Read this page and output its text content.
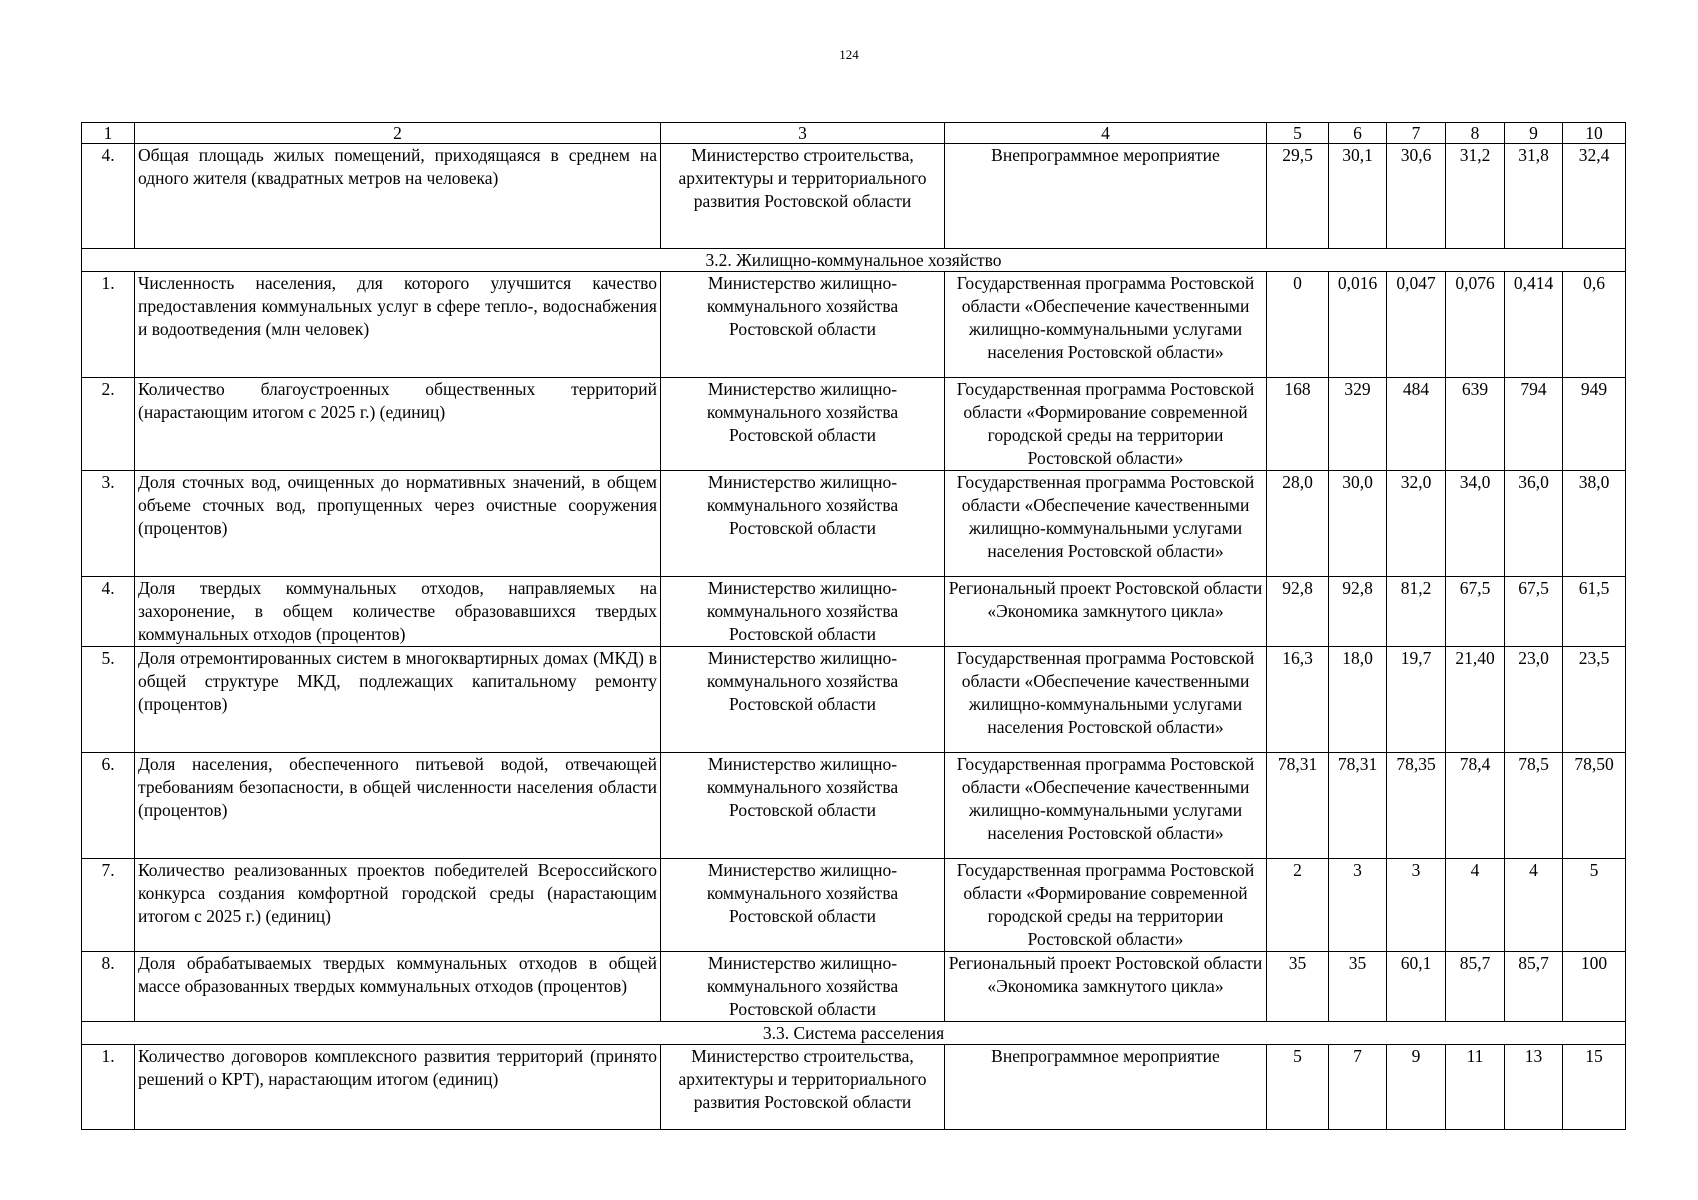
124
1	2	3	4	5	6	7	8	9	10
4.	Общая площадь жилых помещений, приходящаяся в среднем на одного жителя (квадратных метров на человека)	Министерство строительства, архитектуры и территориального развития Ростовской области	Внепрограммное мероприятие	29,5	30,1	30,6	31,2	31,8	32,4
3.2. Жилищно-коммунальное хозяйство									
1.	Численность населения, для которого улучшится качество предоставления коммунальных услуг в сфере тепло-, водоснабжения и водоотведения (млн человек)	Министерство жилищно-коммунального хозяйства Ростовской области	Государственная программа Ростовской области «Обеспечение качественными жилищно-коммунальными услугами населения Ростовской области»	0	0,016	0,047	0,076	0,414	0,6
2.	Количество благоустроенных общественных территорий (нарастающим итогом с 2025 г.) (единиц)	Министерство жилищно-коммунального хозяйства Ростовской области	Государственная программа Ростовской области «Формирование современной городской среды на территории Ростовской области»	168	329	484	639	794	949
3.	Доля сточных вод, очищенных до нормативных значений, в общем объеме сточных вод, пропущенных через очистные сооружения (процентов)	Министерство жилищно-коммунального хозяйства Ростовской области	Государственная программа Ростовской области «Обеспечение качественными жилищно-коммунальными услугами населения Ростовской области»	28,0	30,0	32,0	34,0	36,0	38,0
4.	Доля твердых коммунальных отходов, направляемых на захоронение, в общем количестве образовавшихся твердых коммунальных отходов (процентов)	Министерство жилищно-коммунального хозяйства Ростовской области	Региональный проект Ростовской области «Экономика замкнутого цикла»	92,8	92,8	81,2	67,5	67,5	61,5
5.	Доля отремонтированных систем в многоквартирных домах (МКД) в общей структуре МКД, подлежащих капитальному ремонту (процентов)	Министерство жилищно-коммунального хозяйства Ростовской области	Государственная программа Ростовской области «Обеспечение качественными жилищно-коммунальными услугами населения Ростовской области»	16,3	18,0	19,7	21,40	23,0	23,5
6.	Доля населения, обеспеченного питьевой водой, отвечающей требованиям безопасности, в общей численности населения области (процентов)	Министерство жилищно-коммунального хозяйства Ростовской области	Государственная программа Ростовской области «Обеспечение качественными жилищно-коммунальными услугами населения Ростовской области»	78,31	78,31	78,35	78,4	78,5	78,50
7.	Количество реализованных проектов победителей Всероссийского конкурса создания комфортной городской среды (нарастающим итогом с 2025 г.) (единиц)	Министерство жилищно-коммунального хозяйства Ростовской области	Государственная программа Ростовской области «Формирование современной городской среды на территории Ростовской области»	2	3	3	4	4	5
8.	Доля обрабатываемых твердых коммунальных отходов в общей массе образованных твердых коммунальных отходов (процентов)	Министерство жилищно-коммунального хозяйства Ростовской области	Региональный проект Ростовской области «Экономика замкнутого цикла»	35	35	60,1	85,7	85,7	100
3.3. Система расселения									
1.	Количество договоров комплексного развития территорий (принято решений о КРТ), нарастающим итогом (единиц)	Министерство строительства, архитектуры и территориального развития Ростовской области	Внепрограммное мероприятие	5	7	9	11	13	15
